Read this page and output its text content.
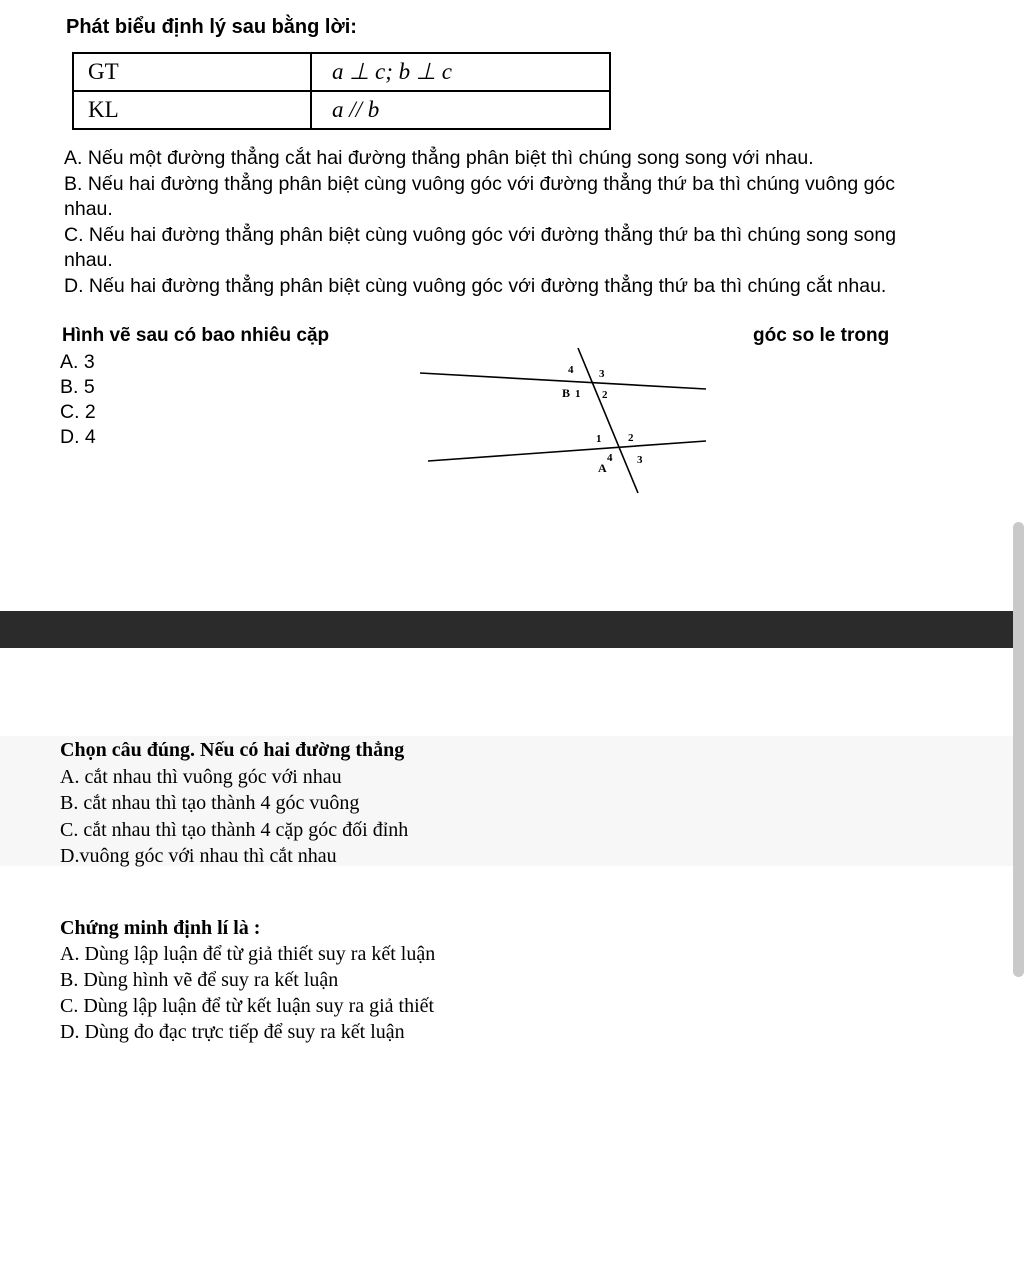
Phát biểu định lý sau bằng lời:
GT	a ⊥ c; b ⊥ c
KL	a // b
A. Nếu một đường thẳng cắt hai đường thẳng phân biệt thì chúng song song với nhau.
B. Nếu hai đường thẳng phân biệt cùng vuông góc với đường thẳng thứ ba thì chúng vuông góc
nhau.
C. Nếu hai đường thẳng phân biệt cùng vuông góc với đường thẳng thứ ba thì chúng song song
nhau.
D. Nếu hai đường thẳng phân biệt cùng vuông góc với đường thẳng thứ ba thì chúng cắt nhau.
Hình vẽ sau có bao nhiêu cặp	góc so le trong
A. 3
B. 5
C. 2
D. 4
4 3
B 1 2
1 2
4
A
3
Chọn câu đúng. Nếu có hai đường thẳng
A. cắt nhau thì vuông góc với nhau
B. cắt nhau thì tạo thành 4 góc vuông
C. cắt nhau thì tạo thành 4 cặp góc đối đỉnh
D.vuông góc với nhau thì cắt nhau
Chứng minh định lí là :
A. Dùng lập luận để từ giả thiết suy ra kết luận
B. Dùng hình vẽ để suy ra kết luận
C. Dùng lập luận để từ kết luận suy ra giả thiết
D. Dùng đo đạc trực tiếp để suy ra kết luận
